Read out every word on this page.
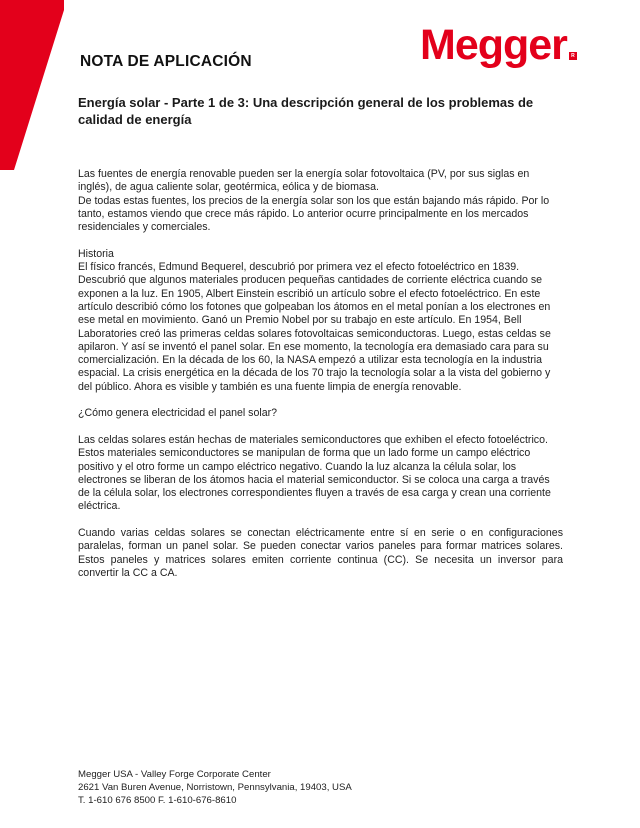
NOTA DE APLICACIÓN	Megger R
Energía solar - Parte 1 de 3: Una descripción general de los problemas de calidad de energía

Las fuentes de energía renovable pueden ser la energía solar fotovoltaica (PV, por sus siglas en inglés), de agua caliente solar, geotérmica, eólica y de biomasa.

De todas estas fuentes, los precios de la energía solar son los que están bajando más rápido. Por lo tanto, estamos viendo que crece más rápido. Lo anterior ocurre principalmente en los mercados residenciales y comerciales.

Historia

El físico francés, Edmund Bequerel, descubrió por primera vez el efecto fotoeléctrico en 1839. Descubrió que algunos materiales producen pequeñas cantidades de corriente eléctrica cuando se exponen a la luz. En 1905, Albert Einstein escribió un artículo sobre el efecto fotoeléctrico. En este artículo describió cómo los fotones que golpeaban los átomos en el metal ponían a los electrones en ese metal en movimiento. Ganó un Premio Nobel por su trabajo en este artículo. En 1954, Bell Laboratories creó las primeras celdas solares fotovoltaicas semiconductoras. Luego, estas celdas se apilaron. Y así se inventó el panel solar. En ese momento, la tecnología era demasiado cara para su comercialización. En la década de los 60, la NASA empezó a utilizar esta tecnología en la industria espacial. La crisis energética en la década de los 70 trajo la tecnología solar a la vista del gobierno y del público. Ahora es visible y también es una fuente limpia de energía renovable.

¿Cómo genera electricidad el panel solar?

Las celdas solares están hechas de materiales semiconductores que exhiben el efecto fotoeléctrico. Estos materiales semiconductores se manipulan de forma que un lado forme un campo eléctrico positivo y el otro forme un campo eléctrico negativo. Cuando la luz alcanza la célula solar, los electrones se liberan de los átomos hacia el material semiconductor. Si se coloca una carga a través de la célula solar, los electrones correspondientes fluyen a través de esa carga y crean una corriente eléctrica.

Cuando varias celdas solares se conectan eléctricamente entre sí en serie o en configuraciones paralelas, forman un panel solar. Se pueden conectar varios paneles para formar matrices solares. Estos paneles y matrices solares emiten corriente continua (CC). Se necesita un inversor para convertir la CC a CA.

Megger USA - Valley Forge Corporate Center
2621 Van Buren Avenue, Norristown, Pennsylvania, 19403, USA
T. 1-610 676 8500 F. 1-610-676-8610
